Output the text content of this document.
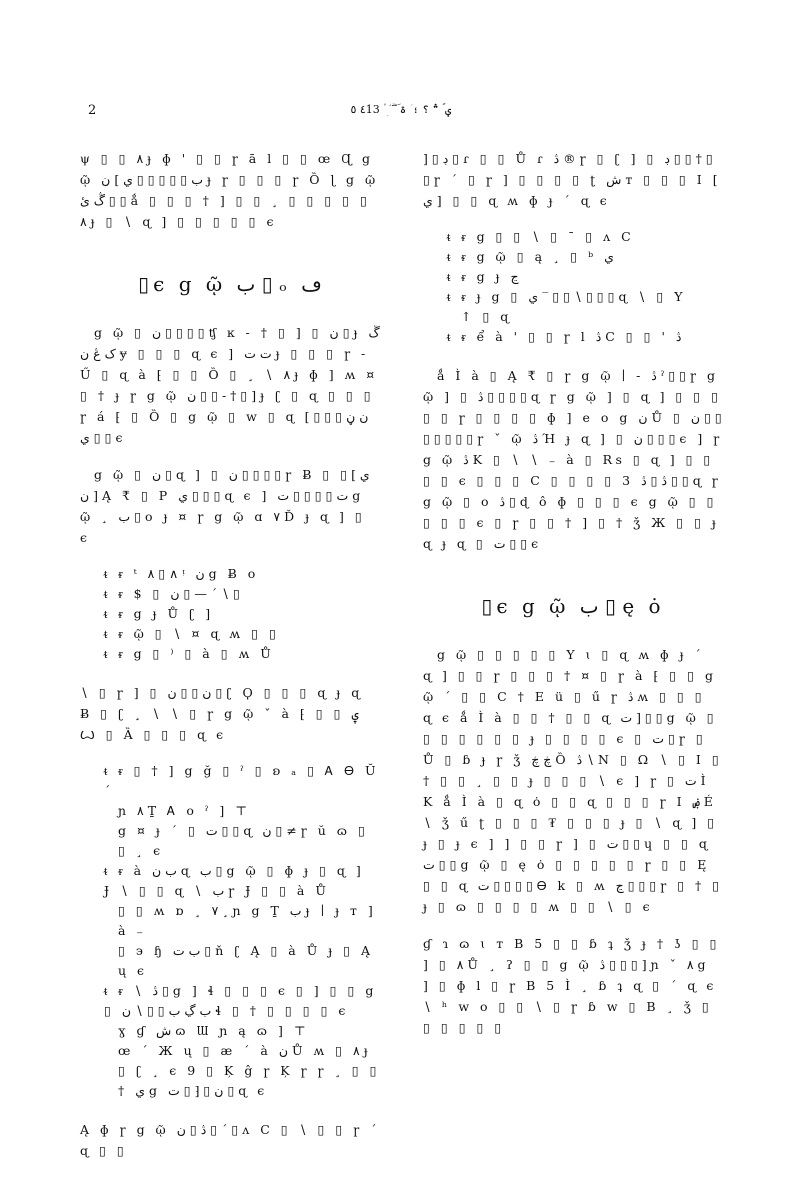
2	ؠ ؐ ؞ ؟ ؛ ؘ ۃ ؔ ؕ ؖ ؗ ؚ ؙ ٤13 ٥

ψ ▯ ▯ ۸ ɟ ɸ ' ▯ ▯ ɼ ā l ▯ ▯ œ Ɋ g ῷ ب ▯ ▯ ▯ ▯ ▯ ي ] ن ɟ ɼ ▯ ▯ ▯ ɼ Ȍ ɭ g ῷ ڴ ئ ▯ ▯ ǻ ▯ ▯ ▯ † ] ▯ ▯ ¸ ▯ ▯ ▯ ▯ ▯ ۸ ɟ ▯ ∖ ɋ ] ▯ ▯ ▯ ▯ ▯ ϵ

▯ϵ g ῷ ب ▯ ₒ ڡ

g ῷ ▯ ن ▯ ▯ ▯ ▯ ʧ ĸ ‐ † ▯ ] ▯ ن ▯ ɟ ڱ ک ڠ ن ɏ ▯ ▯ ▯ ɋ ϵ ] ت ت ɟ ▯ ▯ ▯ ɼ ‐ Ű ▯ ɋ à ⁅ ▯ ▯ Ȍ ▯ ¸ ∖ ۸ ɟ ɸ ] ʍ ¤ ▯ † ɟ ɼ g ῷ ن ▯ ▯ ‐ † ▯ ] ɟ ʗ ▯ ɋ ▯ ▯ ▯ ɼ á ⁅ ▯ Ȍ ▯ g ῷ ▯ w ▯ ɋ ن ڼ ▯ ▯ ▯ ] ي ▯ ▯ ϵ

g ῷ ▯ ن ▯ ɋ ] ▯ ن ▯ ▯ ▯ ▯ ɼ Ƀ ▯ ي ] ▯ ن ] Ą ₹ ▯ P ي ▯ ▯ ▯ ɋ ϵ ] ت ▯ ▯ ▯ ▯ ت g ῷ ¸ ب ▯ o ɟ ¤ ɼ g ῷ ɑ ۷ Ď ɟ ɋ ] ▯ ϵ

ᵵ ᵲ ᵗ ۸ ▯ ∧ ᵎ ن g Ƀ o
ᵵ ᵲ $ ▯ ن ▯ — ˊ ∖ ▯
ᵵ ᵲ g ɟ Ů ʗ ]
ᵵ ᵲ ῷ ▯ ∖ ¤ ɋ ʍ ▯ ▯
ᵵ ᵲ g ▯ ⁾ ▯ à ▯ ʍ Ů

∖ ▯ ɼ ] ▯ ن ▯ ▯ ن ▯ ʗ Ϙ ▯ ▯ ▯ ɋ ɟ ɋ Ƀ ▯ ʗ ¸ ∖ ∖ ▯ ɼ g ῷ ˇ à ⁅ ▯ ▯ ۑ Ꙍ ▯ Ȁ ▯ ▯ ▯ ɋ ϵ

ᵵ ᵲ ▯ † ] g ğ ▯ ˀ ▯ ʚ ₐ ▯ Ꭺ Ꮎ Ŭ ˊ
ɲ ۸ Ṯ Ꭺ o ˀ ] ⊤
g ¤ ɟ ˊ ▯ ت ▯ ▯ ɋ ن ▯ ≠ ɼ ŭ ɷ ▯ ▯ ¸ ϵ
ᵵ ᵲ à ب ن ɋ ب ▯ g ῷ ▯ ɸ ɟ ▯ ɋ ] Ɉ ∖ ▯ ▯ ɋ ∖ ب ɼ Ɉ ▯ ▯ à Ů
▯ ▯ ʍ ɒ ¸ ۷ ¸ ɲ g Ṯ ب ɟ ∣ ɟ ᴛ ] à ₋
▯ ϶ ɧ ب ت ▯ ň ʗ Ą ▯ à Ů ɟ ▯ Ą ų ϵ
ᵵ ᵲ ∖ ڎ ▯ g ] ɬ ▯ ▯ ▯ ϵ ▯ ] ▯ ▯ g ▯ ب ڲ ب ▯ ▯ ∖ ن ɬ ▯ † ▯ ▯ ▯ ▯ ϵ
ɣ ɠ ش ɷ Ɯ ɲ ą ɷ ] ⊤
œ ˊ Ж ų ▯ æ ˊ à ن Ů ʍ ▯ ۸ ɟ ▯ ʗ ¸ ϵ 9 ▯ Ķ ĝ ɼ Ķ ɼ ɼ ¸ ▯ ▯ † ي g ن ▯ ⁅ ▯ ت ▯ ɋ ϵ

Ą ɸ ɼ g ῷ ڎ ▯ ن ▯ ˊ ▯ ʌ C ▯ ∖ ▯ ▯ ɼ ˊ ɋ ▯ ▯

] ▯ ڊ ▯ ɾ ▯ ▯ Ů ɾ ڎ ® ɼ ▯ ʗ ] ▯ ڊ ▯ ▯ † ▯ ▯ ɼ ˊ ▯ ɼ ] ▯ ▯ ▯ ▯ ʈ ش ᴛ ▯ ▯ ▯ I [ ي ] ▯ ▯ ɋ ʍ ɸ ɟ ˊ ɋ ϵ

ᵵ ᵲ g ▯ ▯ ∖ ▯ ˉ ▯ ʌ C
ᵵ ᵲ g ῷ ▯ ą ¸ ▯ ᵇ ي
ᵵ ᵲ g ɟ ڃ
ᵵ ᵲ ɟ g ▯ ي ‾ ▯ ▯ ∖ ▯ ▯ ▯ ɋ ∖ ▯ Y
↑ ▯ ɋ
ᵵ ᵲ ể à ' ▯ ▯ ɼ l ڎ C ▯ ▯ ' ڎ

ǻ Ì à ▯ Ą ₹ ▯ ɼ g ῷ ∣ ‐ ڎ ˀ ▯ ▯ ɼ g ῷ ] ▯ ڎ ▯ ▯ ▯ ▯ ɋ ɼ g ῷ ] ▯ ɋ ] ▯ ▯ ▯ ▯ ▯ ɼ ▯ ▯ ▯ ▯ ɸ ] e o g ن Ů ▯ ن ▯ ▯ ▯ ▯ ▯ ▯ ▯ ɼ ˇ ῷ ڎ Ή ɟ ɋ ] ▯ ن ▯ ▯ ▯ ϵ ] ɼ g ῷ ڎ K ▯ ∖ ∖ ₋ à ▯ Rs ▯ ɋ ] ▯ ▯ ▯ ▯ ϵ ▯ ▯ ▯ C ▯ ▯ ▯ ▯ 3 ڎ ▯ ڎ ▯ ▯ ɋ ɼ g ῷ ▯ o ڎ ▯ ɖ ô ɸ ▯ ▯ ▯ ϵ g ῷ ▯ ▯ ▯ ▯ ▯ ϵ ▯ ɼ ▯ ▯ † ] ▯ † ǯ Ж ▯ ▯ ɟ ɋ ɟ ɋ ▯ ت ▯ ▯ ϵ

▯ϵ g ῷ ب ▯ ę ȯ

g ῷ ▯ ▯ ▯ ▯ ▯ Y ɩ ▯ ɋ ʍ ɸ ɟ ˊ ɋ ] ▯ ▯ ɼ ▯ ▯ ▯ † ¤ ▯ ɼ à ⁅ ▯ ▯ g ῷ ˊ ▯ ▯ C † E ü ▯ ű ɼ ڎ ʍ ▯ ▯ ▯ ɋ ϵ ǻ Ì à ▯ ▯ † ▯ ▯ ɋ ت ] ▯ ▯ g ῷ ▯ ▯ ▯ ▯ ▯ ▯ ▯ ɟ ▯ ▯ ▯ ▯ ϵ ▯ ت ▯ ɼ ▯ Ů ▯ ɓ ɟ ɼ ǯ ڿ ڿ Ȍ ڎ ∖ N ▯ Ω ∖ ▯ I ▯ † ▯ ▯ ¸ ▯ ▯ ɟ ▯ ▯ ▯ ∖ ϵ ] ɼ ▯ ت Ì K ǻ Ì à ▯ ɋ ȯ ▯ ▯ ɋ ▯ ▯ ▯ ɼ I ۻ É ∖ ǯ ű ʈ ▯ ▯ ▯ ₮ ▯ ▯ ▯ ɟ ▯ ∖ ɋ ] ▯ ɟ ▯ ɟ ϵ ] ] ▯ ▯ ɼ ] ▯ ت ▯ ▯ ɥ ▯ ▯ ɋ ت ▯ ▯ g ῷ ▯ ę ȯ ▯ ▯ ▯ ▯ ▯ ɼ ▯ ▯ Ę ▯ ▯ ɋ ت ▯ ▯ ▯ ▯ Ꮎ k ▯ ʍ ڃ ▯ ▯ ▯ ɼ ▯ † ▯ ɟ ▯ ɷ ▯ ▯ ▯ ▯ ʍ ▯ ▯ ∖ ▯ ϵ

ɠ ɿ ɷ ɩ ᴛ B 5 ▯ ▯ ɓ ʇ ǯ ɟ † ʖ ▯ ▯ ] ▯ ۸ Ů ¸ ʔ ▯ ▯ g ῷ ڎ ▯ ▯ ▯ ] ɲ ˇ ۸ g ] ▯ ɸ l ▯ ɼ B 5 Ì ¸ ɓ ʇ ɋ ▯ ˊ ɋ ϵ ∖ ʰ w o ▯ ▯ ∖ ▯ ɼ ɓ w ▯ B ¸ ǯ ▯ ▯ ▯ ▯ ▯ ▯
